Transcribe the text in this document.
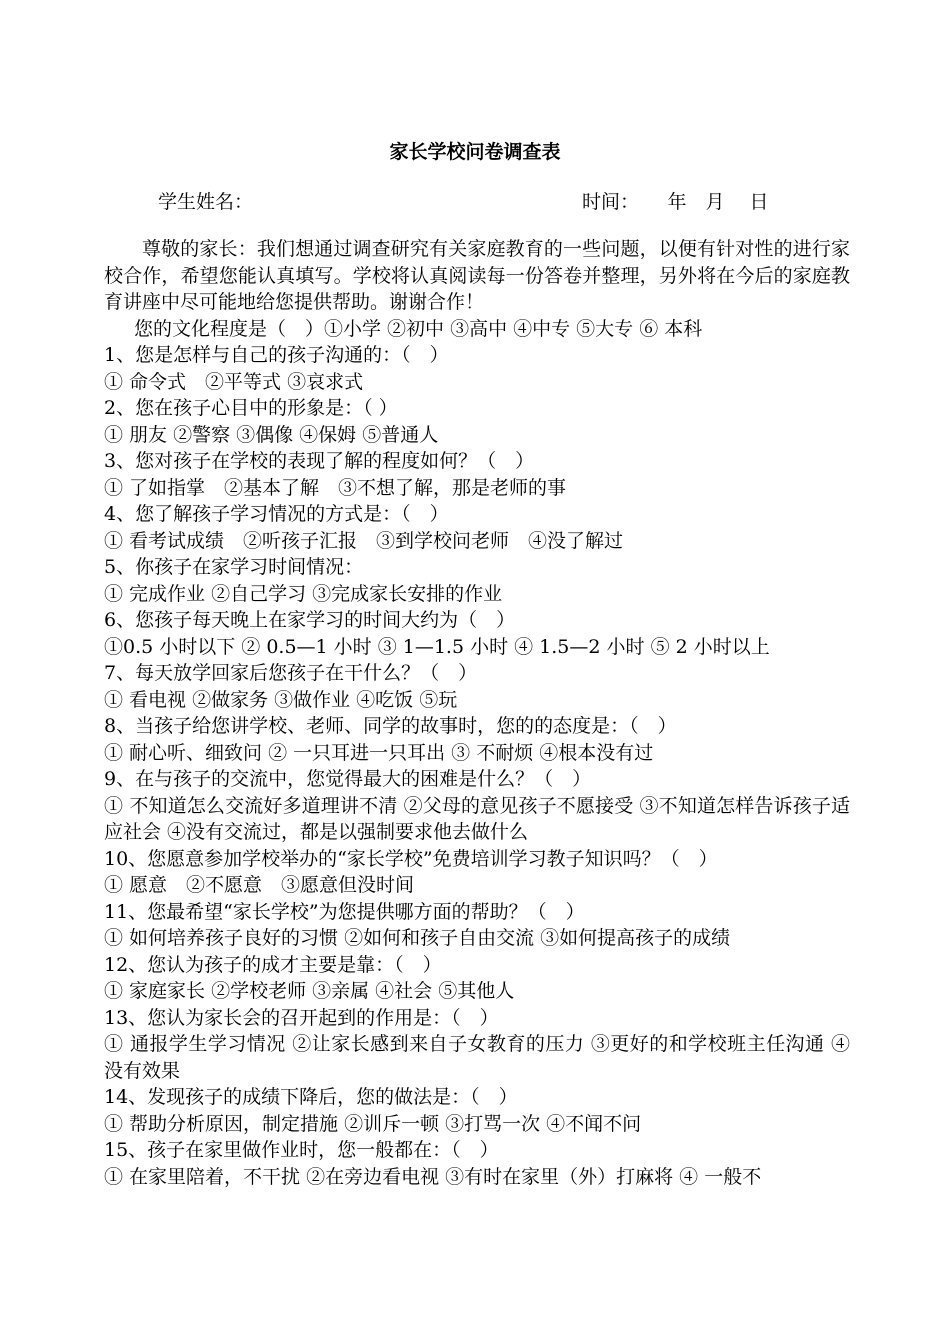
家长学校问卷调查表
学生姓名：	时间：　　年　月　 日

尊敬的家长：我们想通过调查研究有关家庭教育的一些问题，以便有针对性的进行家校合作，希望您能认真填写。学校将认真阅读每一份答卷并整理，另外将在今后的家庭教育讲座中尽可能地给您提供帮助。谢谢合作！

您的文化程度是（　）①小学 ②初中 ③高中 ④中专 ⑤大专 ⑥ 本科

1、您是怎样与自己的孩子沟通的：（　）

① 命令式　②平等式 ③哀求式

2、您在孩子心目中的形象是：（ ）

① 朋友 ②警察 ③偶像 ④保姆 ⑤普通人

3、您对孩子在学校的表现了解的程度如何？（　）

① 了如指掌　②基本了解　③不想了解，那是老师的事

4、您了解孩子学习情况的方式是：（　）

① 看考试成绩　②听孩子汇报　③到学校问老师　④没了解过

5、你孩子在家学习时间情况：

① 完成作业 ②自己学习 ③完成家长安排的作业

6、您孩子每天晚上在家学习的时间大约为（　）

①0.5 小时以下 ② 0.5—1 小时 ③ 1—1.5 小时 ④ 1.5—2 小时 ⑤ 2 小时以上

7、每天放学回家后您孩子在干什么？（　）

① 看电视 ②做家务 ③做作业 ④吃饭 ⑤玩

8、当孩子给您讲学校、老师、同学的故事时，您的的态度是：（　）

① 耐心听、细致问 ② 一只耳进一只耳出 ③ 不耐烦 ④根本没有过

9、在与孩子的交流中，您觉得最大的困难是什么？（　）

① 不知道怎么交流好多道理讲不清 ②父母的意见孩子不愿接受 ③不知道怎样告诉孩子适应社会 ④没有交流过，都是以强制要求他去做什么

10、您愿意参加学校举办的“家长学校”免费培训学习教子知识吗？（　）

① 愿意　②不愿意　③愿意但没时间

11、您最希望“家长学校”为您提供哪方面的帮助？（　）

① 如何培养孩子良好的习惯 ②如何和孩子自由交流 ③如何提高孩子的成绩

12、您认为孩子的成才主要是靠：（　）

① 家庭家长 ②学校老师 ③亲属 ④社会 ⑤其他人

13、您认为家长会的召开起到的作用是：（　）

① 通报学生学习情况 ②让家长感到来自子女教育的压力 ③更好的和学校班主任沟通 ④没有效果

14、发现孩子的成绩下降后，您的做法是：（　）

① 帮助分析原因，制定措施 ②训斥一顿 ③打骂一次 ④不闻不问

15、孩子在家里做作业时，您一般都在：（　）

① 在家里陪着，不干扰 ②在旁边看电视 ③有时在家里（外）打麻将 ④ 一般不
